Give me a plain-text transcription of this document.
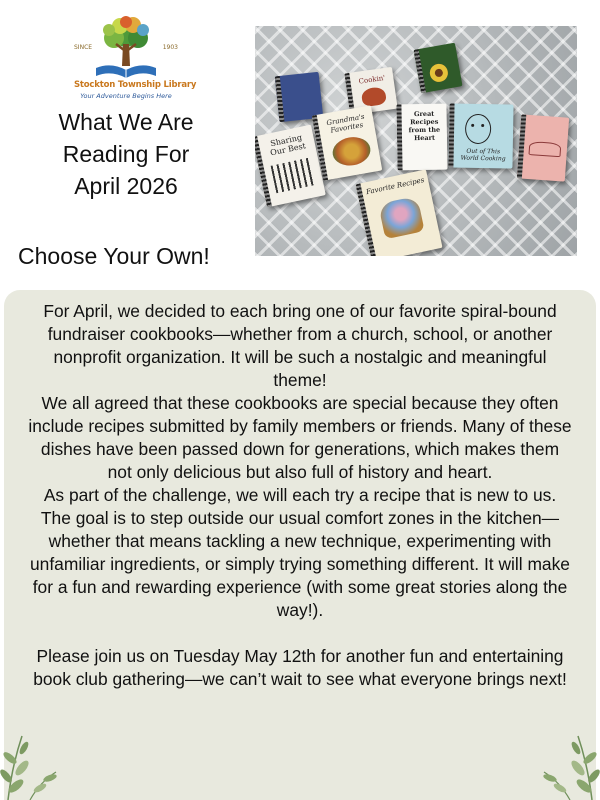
SINCE	1903
Stockton Township Library
Your Adventure Begins Here
What We Are
Reading For
April 2026
Choose Your Own!
Cookin'
Sharing Our Best
Grandma's Favorites
Great Recipes from the Heart
Out of This World Cooking
Favorite Recipes

For April, we decided to each bring one of our favorite spiral-bound fundraiser cookbooks—whether from a church, school, or another nonprofit organization. It will be such a nostalgic and meaningful theme!

We all agreed that these cookbooks are special because they often include recipes submitted by family members or friends. Many of these dishes have been passed down for generations, which makes them not only delicious but also full of history and heart.

As part of the challenge, we will each try a recipe that is new to us. The goal is to step outside our usual comfort zones in the kitchen—whether that means tackling a new technique, experimenting with unfamiliar ingredients, or simply trying something different. It will make for a fun and rewarding experience (with some great stories along the way!).

Please join us on Tuesday May 12th for another fun and entertaining book club gathering—we can’t wait to see what everyone brings next!
